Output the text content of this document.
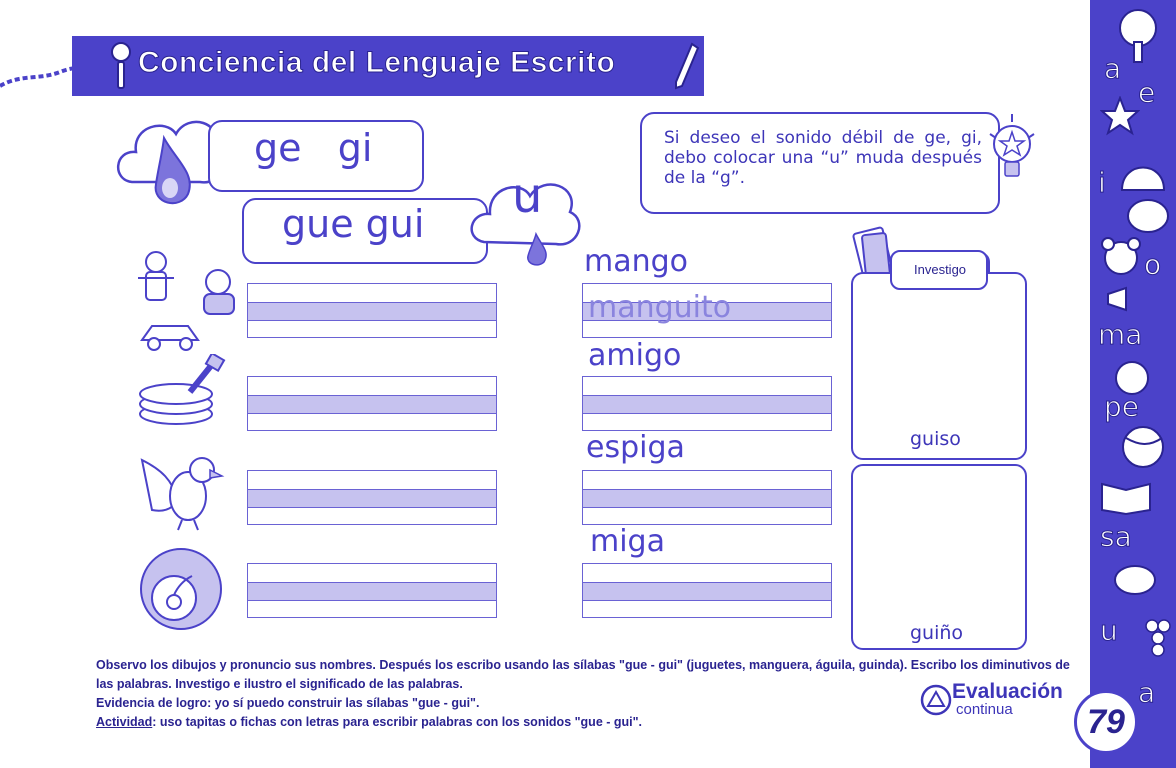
Conciencia del Lenguaje Escrito
ge   gi
gue gui u
Si deseo el sonido débil de ge, gi, debo colocar una “u” muda después de la “g”.
mango
manguito
amigo
espiga
miga
Investigo
guiso
guiño

Observo los dibujos y pronuncio sus nombres. Después los escribo usando las sílabas "gue - gui" (juguetes, manguera, águila, guinda). Escribo los diminutivos de las palabras. Investigo e ilustro el significado de las palabras.

Evidencia de logro: yo sí puedo construir las sílabas "gue - gui".

Actividad: uso tapitas o fichas con letras para escribir palabras con los sonidos "gue - gui".

Evaluación
continua
a
e
i
o
ma
pe
sa
u
a
79
